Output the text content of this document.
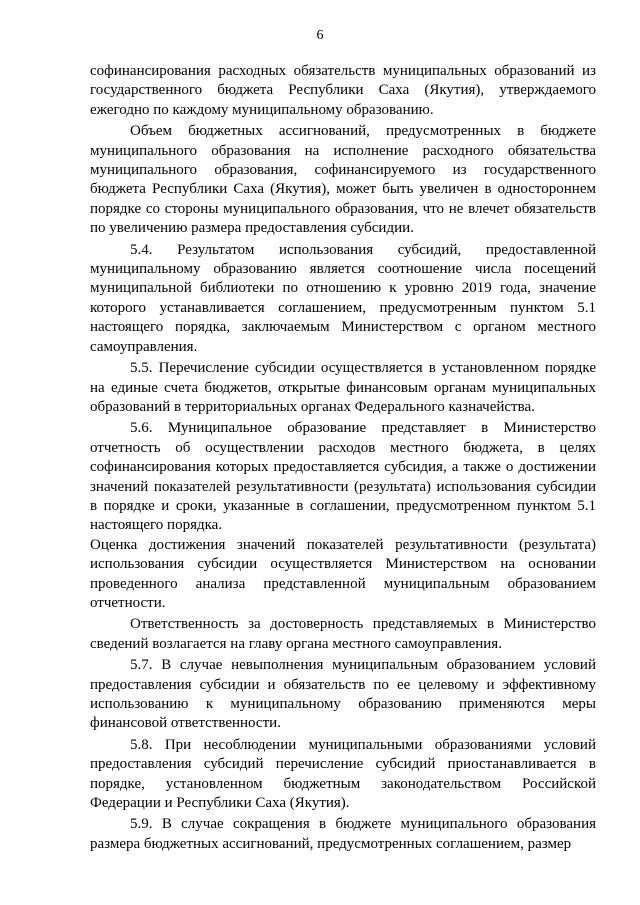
6

софинансирования расходных обязательств муниципальных образований из государственного бюджета Республики Саха (Якутия), утверждаемого ежегодно по каждому муниципальному образованию.

Объем бюджетных ассигнований, предусмотренных в бюджете муниципального образования на исполнение расходного обязательства муниципального образования, софинансируемого из государственного бюджета Республики Саха (Якутия), может быть увеличен в одностороннем порядке со стороны муниципального образования, что не влечет обязательств по увеличению размера предоставления субсидии.

5.4. Результатом использования субсидий, предоставленной муниципальному образованию является соотношение числа посещений муниципальной библиотеки по отношению к уровню 2019 года, значение которого устанавливается соглашением, предусмотренным пунктом 5.1 настоящего порядка, заключаемым Министерством с органом местного самоуправления.

5.5. Перечисление субсидии осуществляется в установленном порядке на единые счета бюджетов, открытые финансовым органам муниципальных образований в территориальных органах Федерального казначейства.

5.6. Муниципальное образование представляет в Министерство отчетность об осуществлении расходов местного бюджета, в целях софинансирования которых предоставляется субсидия, а также о достижении значений показателей результативности (результата) использования субсидии в порядке и сроки, указанные в соглашении, предусмотренном пунктом 5.1 настоящего порядка.

Оценка достижения значений показателей результативности (результата) использования субсидии осуществляется Министерством на основании проведенного анализа представленной муниципальным образованием отчетности.

Ответственность за достоверность представляемых в Министерство сведений возлагается на главу органа местного самоуправления.

5.7. В случае невыполнения муниципальным образованием условий предоставления субсидии и обязательств по ее целевому и эффективному использованию к муниципальному образованию применяются меры финансовой ответственности.

5.8. При несоблюдении муниципальными образованиями условий предоставления субсидий перечисление субсидий приостанавливается в порядке, установленном бюджетным законодательством Российской Федерации и Республики Саха (Якутия).

5.9. В случае сокращения в бюджете муниципального образования размера бюджетных ассигнований, предусмотренных соглашением, размер
